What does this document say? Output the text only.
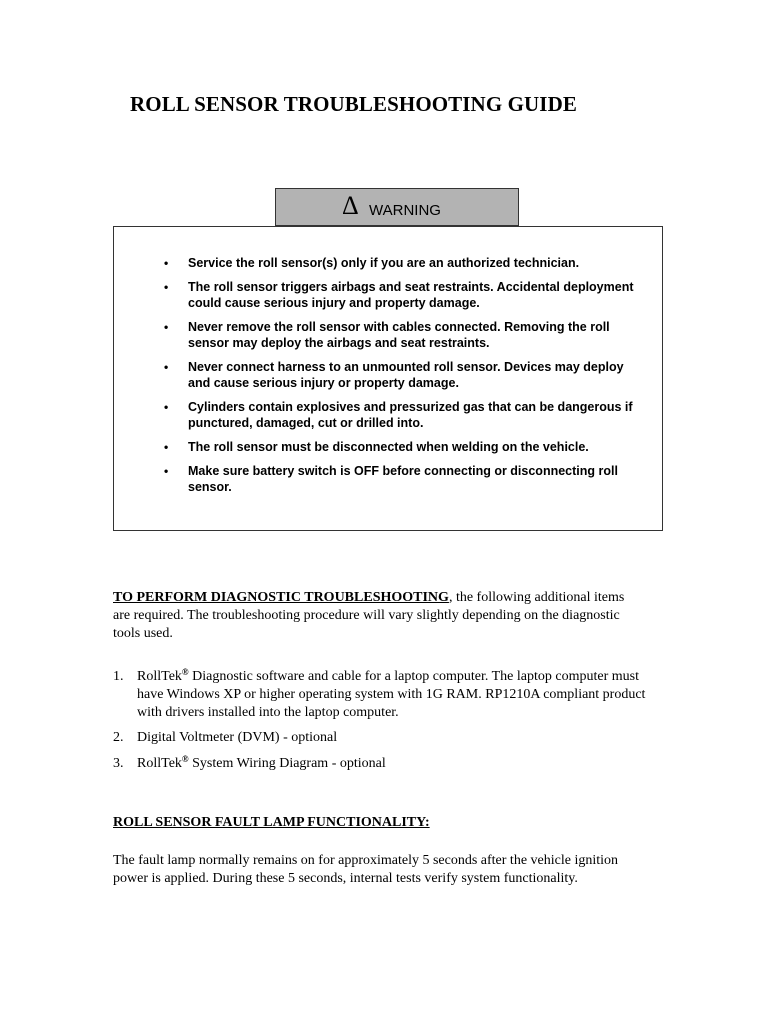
ROLL SENSOR TROUBLESHOOTING GUIDE
Δ WARNING
• Service the roll sensor(s) only if you are an authorized technician.
• The roll sensor triggers airbags and seat restraints. Accidental deployment could cause serious injury and property damage.
• Never remove the roll sensor with cables connected. Removing the roll sensor may deploy the airbags and seat restraints.
• Never connect harness to an unmounted roll sensor. Devices may deploy and cause serious injury or property damage.
• Cylinders contain explosives and pressurized gas that can be dangerous if punctured, damaged, cut or drilled into.
• The roll sensor must be disconnected when welding on the vehicle.
• Make sure battery switch is OFF before connecting or disconnecting roll sensor.
TO PERFORM DIAGNOSTIC TROUBLESHOOTING, the following additional items are required. The troubleshooting procedure will vary slightly depending on the diagnostic tools used.
1. RollTek® Diagnostic software and cable for a laptop computer. The laptop computer must have Windows XP or higher operating system with 1G RAM. RP1210A compliant product with drivers installed into the laptop computer.
2. Digital Voltmeter (DVM) - optional
3. RollTek® System Wiring Diagram - optional
ROLL SENSOR FAULT LAMP FUNCTIONALITY:
The fault lamp normally remains on for approximately 5 seconds after the vehicle ignition power is applied. During these 5 seconds, internal tests verify system functionality.
